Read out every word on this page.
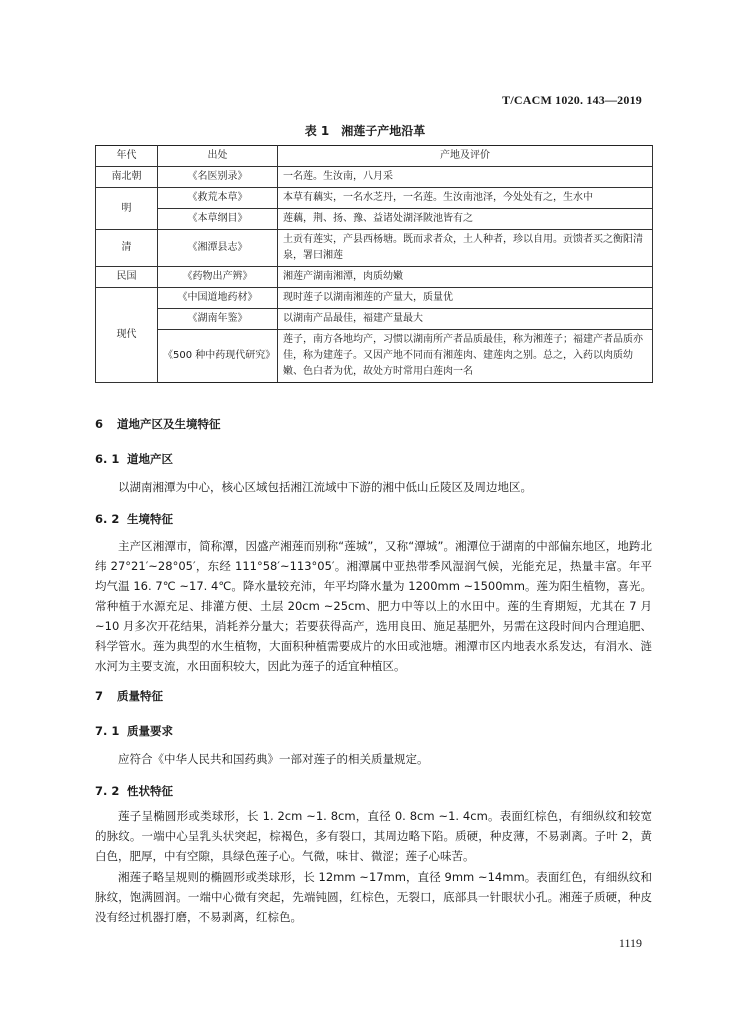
T/CACM 1020. 143—2019
表 1　湘莲子产地沿革
年代	出处	产地及评价
南北朝	《名医别录》	一名莲。生汝南，八月采
明	《救荒本草》	本草有藕实，一名水芝丹，一名莲。生汝南池泽，今处处有之，生水中
	《本草纲目》	莲藕，荆、扬、豫、益诸处湖泽陂池皆有之
清	《湘潭县志》	土贡有莲实，产县西杨塘。既而求者众，土人种者，珍以自用。贡馈者买之衡阳清泉，署曰湘莲
民国	《药物出产辨》	湘莲产湖南湘潭，肉质幼嫩
现代	《中国道地药材》	现时莲子以湖南湘莲的产量大，质量优
	《湖南年鉴》	以湖南产品最佳，福建产量最大
	《500 种中药现代研究》	莲子，南方各地均产，习惯以湖南所产者品质最佳，称为湘莲子；福建产者品质亦佳，称为建莲子。又因产地不同而有湘莲肉、建莲肉之别。总之，入药以肉质幼嫩、色白者为优，故处方时常用白莲肉一名
6 道地产区及生境特征
6. 1 道地产区

以湖南湘潭为中心，核心区域包括湘江流域中下游的湘中低山丘陵区及周边地区。

6. 2 生境特征

主产区湘潭市，简称潭，因盛产湘莲而别称“莲城”，又称“潭城”。湘潭位于湖南的中部偏东地区，地跨北纬 27°21′~28°05′，东经 111°58′~113°05′。湘潭属中亚热带季风湿润气候，光能充足，热量丰富。年平均气温 16. 7℃ ~17. 4℃。降水量较充沛，年平均降水量为 1200mm ~1500mm。莲为阳生植物，喜光。常种植于水源充足、排灌方便、土层 20cm ~25cm、肥力中等以上的水田中。莲的生育期短，尤其在 7 月 ~10 月多次开花结果，消耗养分量大；若要获得高产，选用良田、施足基肥外，另需在这段时间内合理追肥、科学管水。莲为典型的水生植物，大面积种植需要成片的水田或池塘。湘潭市区内地表水系发达，有涓水、涟水河为主要支流，水田面积较大，因此为莲子的适宜种植区。

7 质量特征
7. 1 质量要求

应符合《中华人民共和国药典》一部对莲子的相关质量规定。

7. 2 性状特征

莲子呈椭圆形或类球形，长 1. 2cm ~1. 8cm，直径 0. 8cm ~1. 4cm。表面红棕色，有细纵纹和较宽的脉纹。一端中心呈乳头状突起，棕褐色，多有裂口，其周边略下陷。质硬，种皮薄，不易剥离。子叶 2，黄白色，肥厚，中有空隙，具绿色莲子心。气微，味甘、微涩；莲子心味苦。

湘莲子略呈规则的椭圆形或类球形，长 12mm ~17mm，直径 9mm ~14mm。表面红色，有细纵纹和脉纹，饱满圆润。一端中心微有突起，先端钝圆，红棕色，无裂口，底部具一针眼状小孔。湘莲子质硬，种皮没有经过机器打磨，不易剥离，红棕色。

1119
